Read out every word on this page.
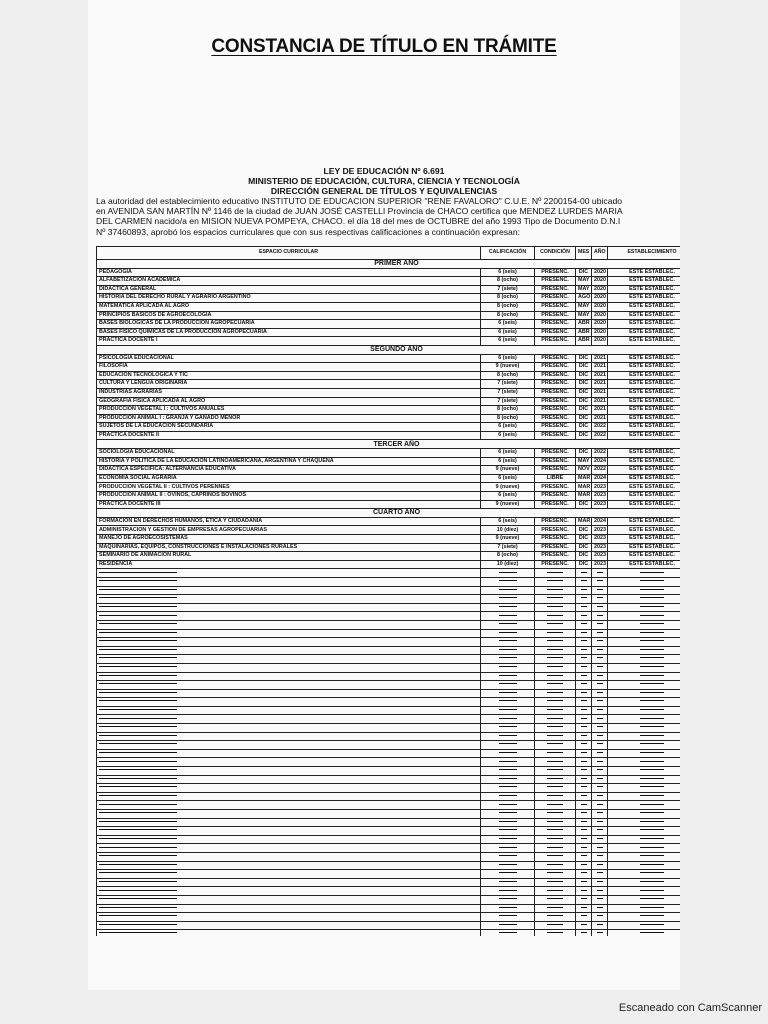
CONSTANCIA DE TÍTULO EN TRÁMITE
LEY DE EDUCACIÓN Nº 6.691
MINISTERIO DE EDUCACIÓN, CULTURA, CIENCIA Y TECNOLOGÍA
DIRECCIÓN GENERAL DE TÍTULOS Y EQUIVALENCIAS
La autoridad del establecimiento educativo INSTITUTO DE EDUCACION SUPERIOR "RENE FAVALORO" C.U.E. Nº 2200154-00 ubicado
en AVENIDA SAN MARTÍN Nº 1146 de la ciudad de JUAN JOSÉ CASTELLI Provincia de CHACO certifica que MENDEZ LURDES MARIA
DEL CARMEN nacido/a en MISION NUEVA POMPEYA, CHACO. el día 18 del mes de OCTUBRE del año 1993 Tipo de Documento D.N.I
Nº 37460893, aprobó los espacios curriculares que con sus respectivas calificaciones a continuación expresan:
ESPACIO CURRICULAR	CALIFICACIÓN	CONDICIÓN	MES	AÑO	ESTABLECIMIENTO
PRIMER AÑO					
PEDAGOGIA	6 (seis)	PRESENC.	DIC	2020	ESTE ESTABLEC.
ALFABETIZACION ACADEMICA	8 (ocho)	PRESENC.	MAY	2020	ESTE ESTABLEC.
DIDACTICA GENERAL	7 (siete)	PRESENC.	MAY	2020	ESTE ESTABLEC.
HISTORIA DEL DERECHO RURAL Y AGRARIO ARGENTINO	8 (ocho)	PRESENC.	AGO	2020	ESTE ESTABLEC.
MATEMATICA APLICADA AL AGRO	8 (ocho)	PRESENC.	MAY	2020	ESTE ESTABLEC.
PRINCIPIOS BASICOS DE AGROECOLOGIA	8 (ocho)	PRESENC.	MAY	2020	ESTE ESTABLEC.
BASES BIOLOGICAS DE LA PRODUCCION AGROPECUARIA	6 (seis)	PRESENC.	ABR	2020	ESTE ESTABLEC.
BASES FISICO QUIMICAS DE LA PRODUCCION AGROPECUARIA	6 (seis)	PRESENC.	ABR	2020	ESTE ESTABLEC.
PRACTICA DOCENTE I	6 (seis)	PRESENC.	ABR	2020	ESTE ESTABLEC.
SEGUNDO AÑO					
PSICOLOGIA EDUCACIONAL	6 (seis)	PRESENC.	DIC	2021	ESTE ESTABLEC.
FILOSOFIA	9 (nueve)	PRESENC.	DIC	2021	ESTE ESTABLEC.
EDUCACION TECNOLOGICA Y TIC	8 (ocho)	PRESENC.	DIC	2021	ESTE ESTABLEC.
CULTURA Y LENGUA ORIGINARIA	7 (siete)	PRESENC.	DIC	2021	ESTE ESTABLEC.
INDUSTRIAS AGRARIAS	7 (siete)	PRESENC.	DIC	2021	ESTE ESTABLEC.
GEOGRAFIA FISICA APLICADA AL AGRO	7 (siete)	PRESENC.	DIC	2021	ESTE ESTABLEC.
PRODUCCION VEGETAL I : CULTIVOS ANUALES	8 (ocho)	PRESENC.	DIC	2021	ESTE ESTABLEC.
PRODUCCION ANIMAL I : GRANJA Y GANADO MENOR	8 (ocho)	PRESENC.	DIC	2021	ESTE ESTABLEC.
SUJETOS DE LA EDUCACION SECUNDARIA	6 (seis)	PRESENC.	DIC	2022	ESTE ESTABLEC.
PRACTICA DOCENTE II	6 (seis)	PRESENC.	DIC	2022	ESTE ESTABLEC.
TERCER AÑO					
SOCIOLOGIA EDUCACIONAL	6 (seis)	PRESENC.	DIC	2022	ESTE ESTABLEC.
HISTORIA Y POLITICA DE LA EDUCACION LATINOAMERICANA, ARGENTINA Y CHAQUEÑA	6 (seis)	PRESENC.	MAY	2024	ESTE ESTABLEC.
DIDACTICA ESPECIFICA: ALTERNANCIA EDUCATIVA	9 (nueve)	PRESENC.	NOV	2022	ESTE ESTABLEC.
ECONOMIA SOCIAL AGRARIA	6 (seis)	LIBRE	MAR	2024	ESTE ESTABLEC.
PRODUCCION VEGETAL II : CULTIVOS PERENNES	9 (nueve)	PRESENC.	MAR	2023	ESTE ESTABLEC.
PRODUCCION ANIMAL II : OVINOS, CAPRINOS BOVINOS	6 (seis)	PRESENC.	MAR	2023	ESTE ESTABLEC.
PRACTICA DOCENTE III	9 (nueve)	PRESENC.	DIC	2023	ESTE ESTABLEC.
CUARTO AÑO					
FORMACION EN DERECHOS HUMANOS, ETICA Y CIUDADANIA	6 (seis)	PRESENC.	MAR	2024	ESTE ESTABLEC.
ADMINISTRACION Y GESTION DE EMPRESAS AGROPECUARIAS	10 (diez)	PRESENC.	DIC	2023	ESTE ESTABLEC.
MANEJO DE AGROECOSISTEMAS	9 (nueve)	PRESENC.	DIC	2023	ESTE ESTABLEC.
MAQUINARIAS, EQUIPOS, CONSTRUCCIONES E INSTALACIONES RURALES	7 (siete)	PRESENC.	DIC	2023	ESTE ESTABLEC.
SEMINARIO DE ANIMACION RURAL	8 (ocho)	PRESENC.	DIC	2023	ESTE ESTABLEC.
RESIDENCIA	10 (diez)	PRESENC.	DIC	2023	ESTE ESTABLEC.

Escaneado con CamScanner
